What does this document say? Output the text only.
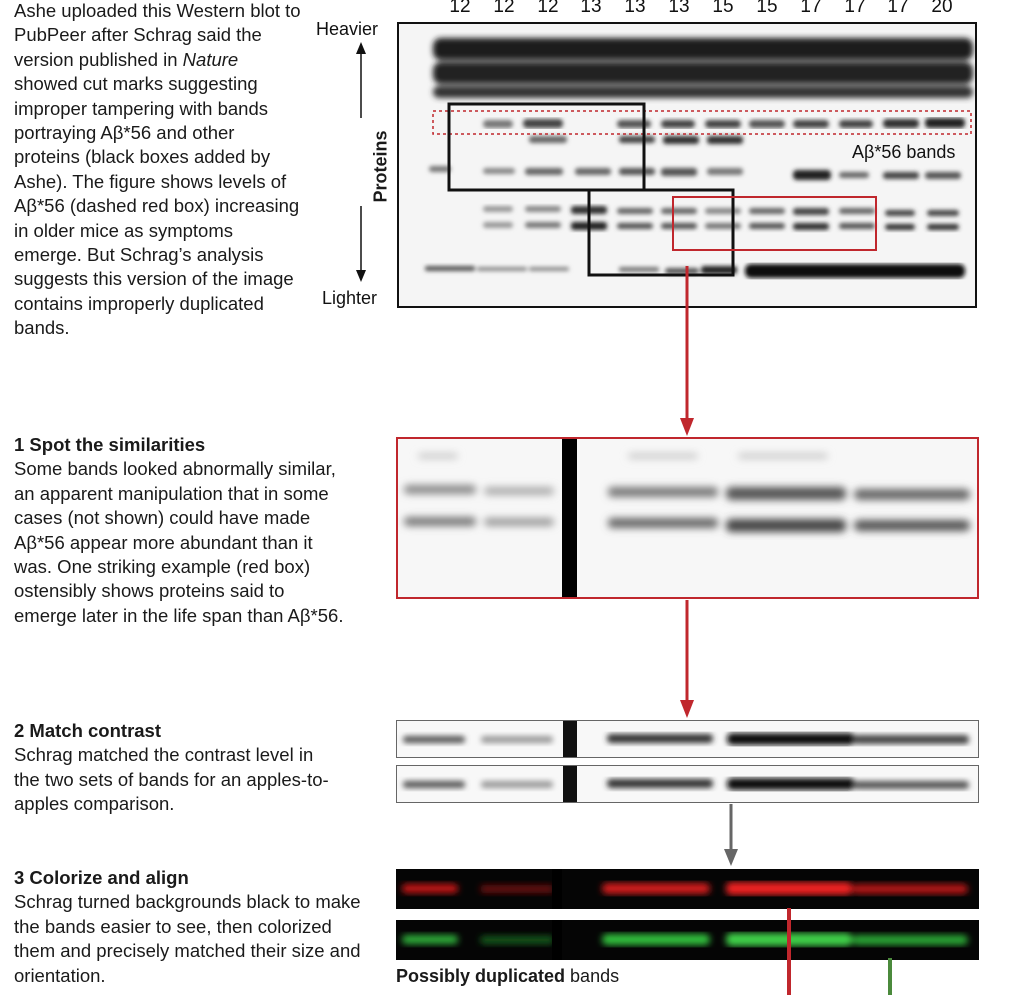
Ashe uploaded this Western blot to PubPeer after Schrag said the version published in Nature showed cut marks suggesting improper tampering with bands portraying Aβ*56 and other proteins (black boxes added by Ashe). The figure shows levels of Aβ*56 (dashed red box) increasing in older mice as symptoms emerge. But Schrag’s analysis suggests this version of the image contains improperly duplicated bands.
12	12	12	13	13	13	15	15	17	17	17	20
Heavier
Lighter
Proteins	Aβ*56 bands
1 Spot the similarities
Some bands looked abnormally similar, an apparent manipulation that in some cases (not shown) could have made Aβ*56 appear more abundant than it was. One striking example (red box) ostensibly shows proteins said to emerge later in the life span than Aβ*56.
2 Match contrast
Schrag matched the contrast level in the two sets of bands for an apples-to-apples comparison.
3 Colorize and align
Schrag turned backgrounds black to make the bands easier to see, then colorized them and precisely matched their size and orientation.	Possibly duplicated bands
